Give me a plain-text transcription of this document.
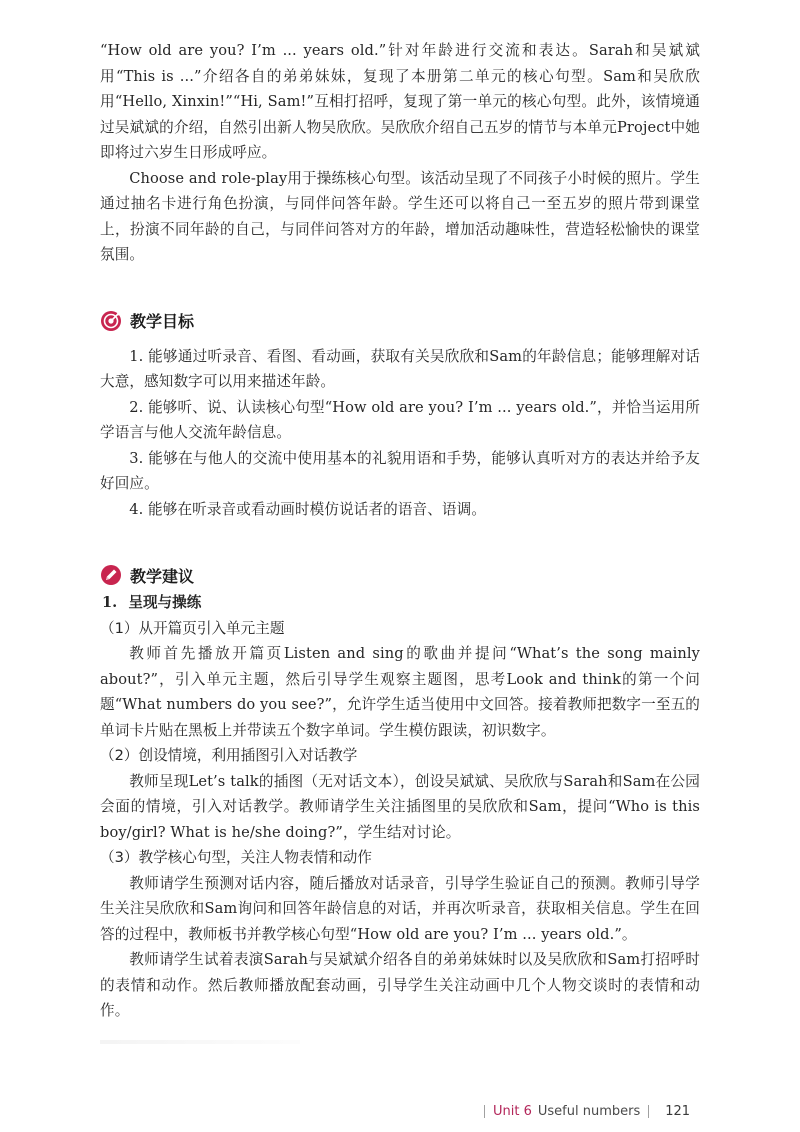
“How old are you? I’m ... years old.”针对年龄进行交流和表达。Sarah和吴斌斌用“This is ...”介绍各自的弟弟妹妹，复现了本册第二单元的核心句型。Sam和吴欣欣用“Hello, Xinxin!”“Hi, Sam!”互相打招呼，复现了第一单元的核心句型。此外，该情境通过吴斌斌的介绍，自然引出新人物吴欣欣。吴欣欣介绍自己五岁的情节与本单元Project中她即将过六岁生日形成呼应。

Choose and role-play用于操练核心句型。该活动呈现了不同孩子小时候的照片。学生通过抽名卡进行角色扮演，与同伴问答年龄。学生还可以将自己一至五岁的照片带到课堂上，扮演不同年龄的自己，与同伴问答对方的年龄，增加活动趣味性，营造轻松愉快的课堂氛围。

教学目标

1. 能够通过听录音、看图、看动画，获取有关吴欣欣和Sam的年龄信息；能够理解对话大意，感知数字可以用来描述年龄。

2. 能够听、说、认读核心句型“How old are you? I’m ... years old.”，并恰当运用所学语言与他人交流年龄信息。

3. 能够在与他人的交流中使用基本的礼貌用语和手势，能够认真听对方的表达并给予友好回应。

4. 能够在听录音或看动画时模仿说话者的语音、语调。

教学建议
1. 呈现与操练
（1）从开篇页引入单元主题

教师首先播放开篇页Listen and sing的歌曲并提问“What’s the song mainly about?”，引入单元主题，然后引导学生观察主题图，思考Look and think的第一个问题“What numbers do you see?”，允许学生适当使用中文回答。接着教师把数字一至五的单词卡片贴在黑板上并带读五个数字单词。学生模仿跟读，初识数字。

（2）创设情境，利用插图引入对话教学

教师呈现Let’s talk的插图（无对话文本），创设吴斌斌、吴欣欣与Sarah和Sam在公园会面的情境，引入对话教学。教师请学生关注插图里的吴欣欣和Sam，提问“Who is this boy/girl? What is he/she doing?”，学生结对讨论。

（3）教学核心句型，关注人物表情和动作

教师请学生预测对话内容，随后播放对话录音，引导学生验证自己的预测。教师引导学生关注吴欣欣和Sam询问和回答年龄信息的对话，并再次听录音，获取相关信息。学生在回答的过程中，教师板书并教学核心句型“How old are you? I’m ... years old.”。

教师请学生试着表演Sarah与吴斌斌介绍各自的弟弟妹妹时以及吴欣欣和Sam打招呼时的表情和动作。然后教师播放配套动画，引导学生关注动画中几个人物交谈时的表情和动作。

Unit 6 Useful numbers 121
